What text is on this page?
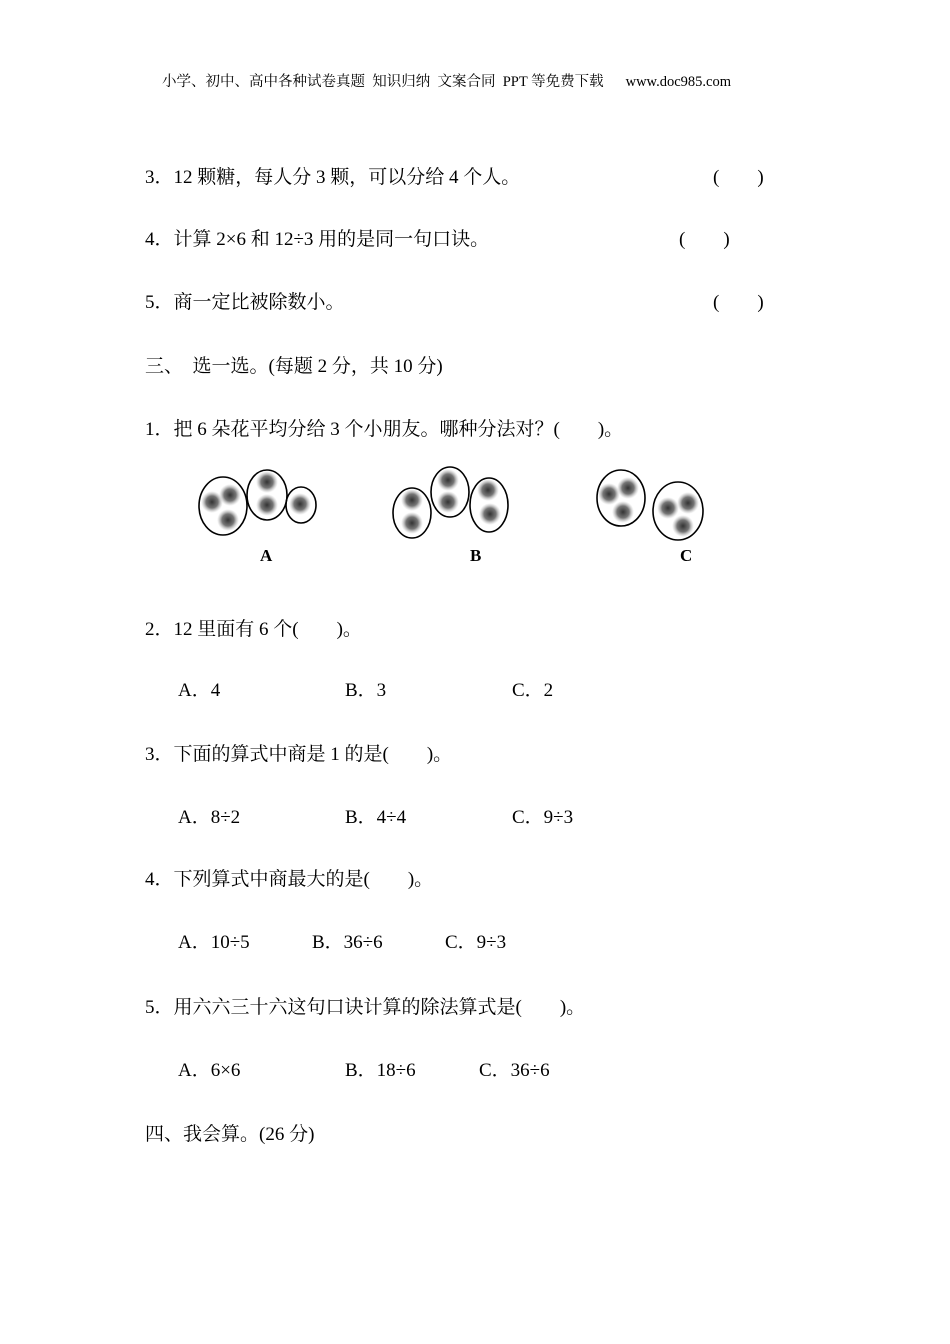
小学、初中、高中各种试卷真题  知识归纳  文案合同  PPT 等免费下载 www.doc985.com
3．12 颗糖，每人分 3 颗，可以分给 4 个人。	(　　)
4．计算 2×6 和 12÷3 用的是同一句口诀。	(　　)
5．商一定比被除数小。	(　　)
三、  选一选。(每题 2 分，共 10 分)
1．把 6 朵花平均分给 3 个小朋友。哪种分法对？(　　)。
A	B	C
2．12 里面有 6 个(　　)。
A．4	B．3	C．2
3．下面的算式中商是 1 的是(　　)。
A．8÷2	B．4÷4	C．9÷3
4．下列算式中商最大的是(　　)。
A．10÷5	B．36÷6	C．9÷3
5．用六六三十六这句口诀计算的除法算式是(　　)。
A．6×6	B．18÷6	C．36÷6
四、我会算。(26 分)
